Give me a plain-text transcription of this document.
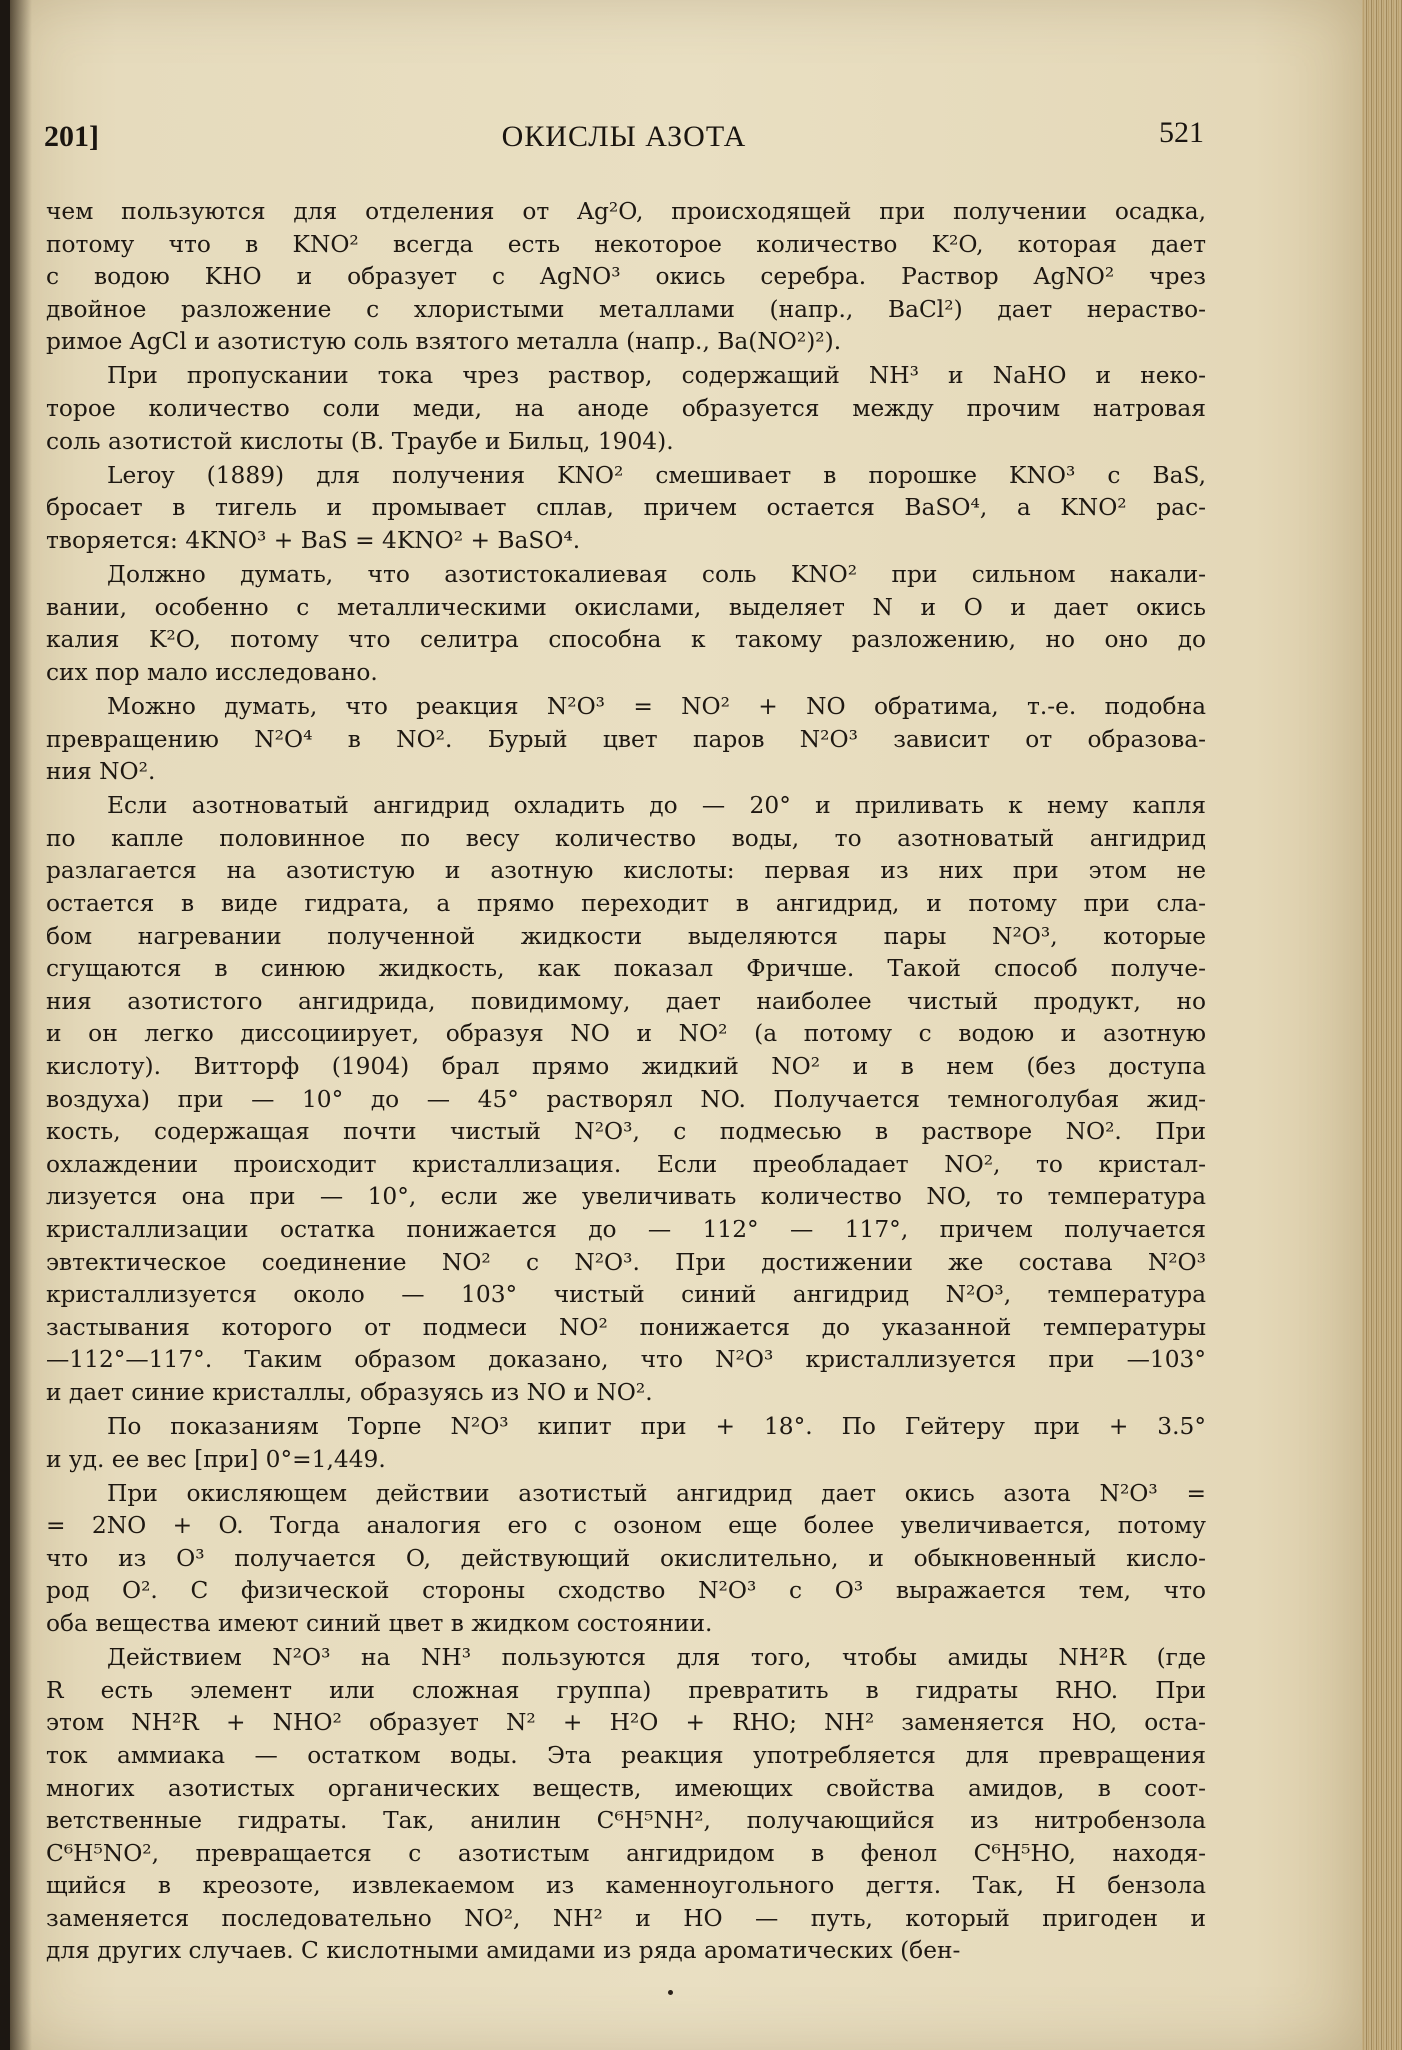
201]	ОКИСЛЫ АЗОТА	521
чем пользуются для отделения от Ag²O, происходящей при получении осадка,
потому что в KNO² всегда есть некоторое количество K²O, которая дает
с водою KHO и образует с AgNO³ окись серебра. Раствор AgNO² чрез
двойное разложение с хлористыми металлами (напр., BaCl²) дает нераство-
римое AgCl и азотистую соль взятого металла (напр., Ba(NO²)²).
При пропускании тока чрез раствор, содержащий NH³ и NaHO и неко-
торое количество соли меди, на аноде образуется между прочим натровая
соль азотистой кислоты (В. Траубе и Бильц, 1904).
Leroy (1889) для получения KNO² смешивает в порошке KNO³ с BaS,
бросает в тигель и промывает сплав, причем остается BaSO⁴, а KNO² рас-
творяется: 4KNO³ + BaS = 4KNO² + BaSO⁴.
Должно думать, что азотистокалиевая соль KNO² при сильном накали-
вании, особенно с металлическими окислами, выделяет N и O и дает окись
калия K²O, потому что селитра способна к такому разложению, но оно до
сих пор мало исследовано.
Можно думать, что реакция N²O³ = NO² + NO обратима, т.-е. подобна
превращению N²O⁴ в NO². Бурый цвет паров N²O³ зависит от образова-
ния NO².
Если азотноватый ангидрид охладить до — 20° и приливать к нему капля
по капле половинное по весу количество воды, то азотноватый ангидрид
разлагается на азотистую и азотную кислоты: первая из них при этом не
остается в виде гидрата, а прямо переходит в ангидрид, и потому при сла-
бом нагревании полученной жидкости выделяются пары N²O³, которые
сгущаются в синюю жидкость, как показал Фричше. Такой способ получе-
ния азотистого ангидрида, повидимому, дает наиболее чистый продукт, но
и он легко диссоциирует, образуя NO и NO² (а потому с водою и азотную
кислоту). Витторф (1904) брал прямо жидкий NO² и в нем (без доступа
воздуха) при — 10° до — 45° растворял NO. Получается темноголубая жид-
кость, содержащая почти чистый N²O³, с подмесью в растворе NO². При
охлаждении происходит кристаллизация. Если преобладает NO², то кристал-
лизуется она при — 10°, если же увеличивать количество NO, то температура
кристаллизации остатка понижается до — 112° — 117°, причем получается
эвтектическое соединение NO² с N²O³. При достижении же состава N²O³
кристаллизуется около — 103° чистый синий ангидрид N²O³, температура
застывания которого от подмеси NO² понижается до указанной температуры
—112°—117°. Таким образом доказано, что N²O³ кристаллизуется при —103°
и дает синие кристаллы, образуясь из NO и NO².
По показаниям Торпе N²O³ кипит при + 18°. По Гейтеру при + 3.5°
и уд. ее вес [при] 0°=1,449.
При окисляющем действии азотистый ангидрид дает окись азота N²O³ =
= 2NO + O. Тогда аналогия его с озоном еще более увеличивается, потому
что из O³ получается O, действующий окислительно, и обыкновенный кисло-
род O². С физической стороны сходство N²O³ с O³ выражается тем, что
оба вещества имеют синий цвет в жидком состоянии.
Действием N²O³ на NH³ пользуются для того, чтобы амиды NH²R (где
R есть элемент или сложная группа) превратить в гидраты RHO. При
этом NH²R + NHO² образует N² + H²O + RHO; NH² заменяется HO, оста-
ток аммиака — остатком воды. Эта реакция употребляется для превращения
многих азотистых органических веществ, имеющих свойства амидов, в соот-
ветственные гидраты. Так, анилин C⁶H⁵NH², получающийся из нитробензола
C⁶H⁵NO², превращается с азотистым ангидридом в фенол C⁶H⁵HO, находя-
щийся в креозоте, извлекаемом из каменноугольного дегтя. Так, H бензола
заменяется последовательно NO², NH² и HO — путь, который пригоден и
для других случаев. С кислотными амидами из ряда ароматических (бен-
